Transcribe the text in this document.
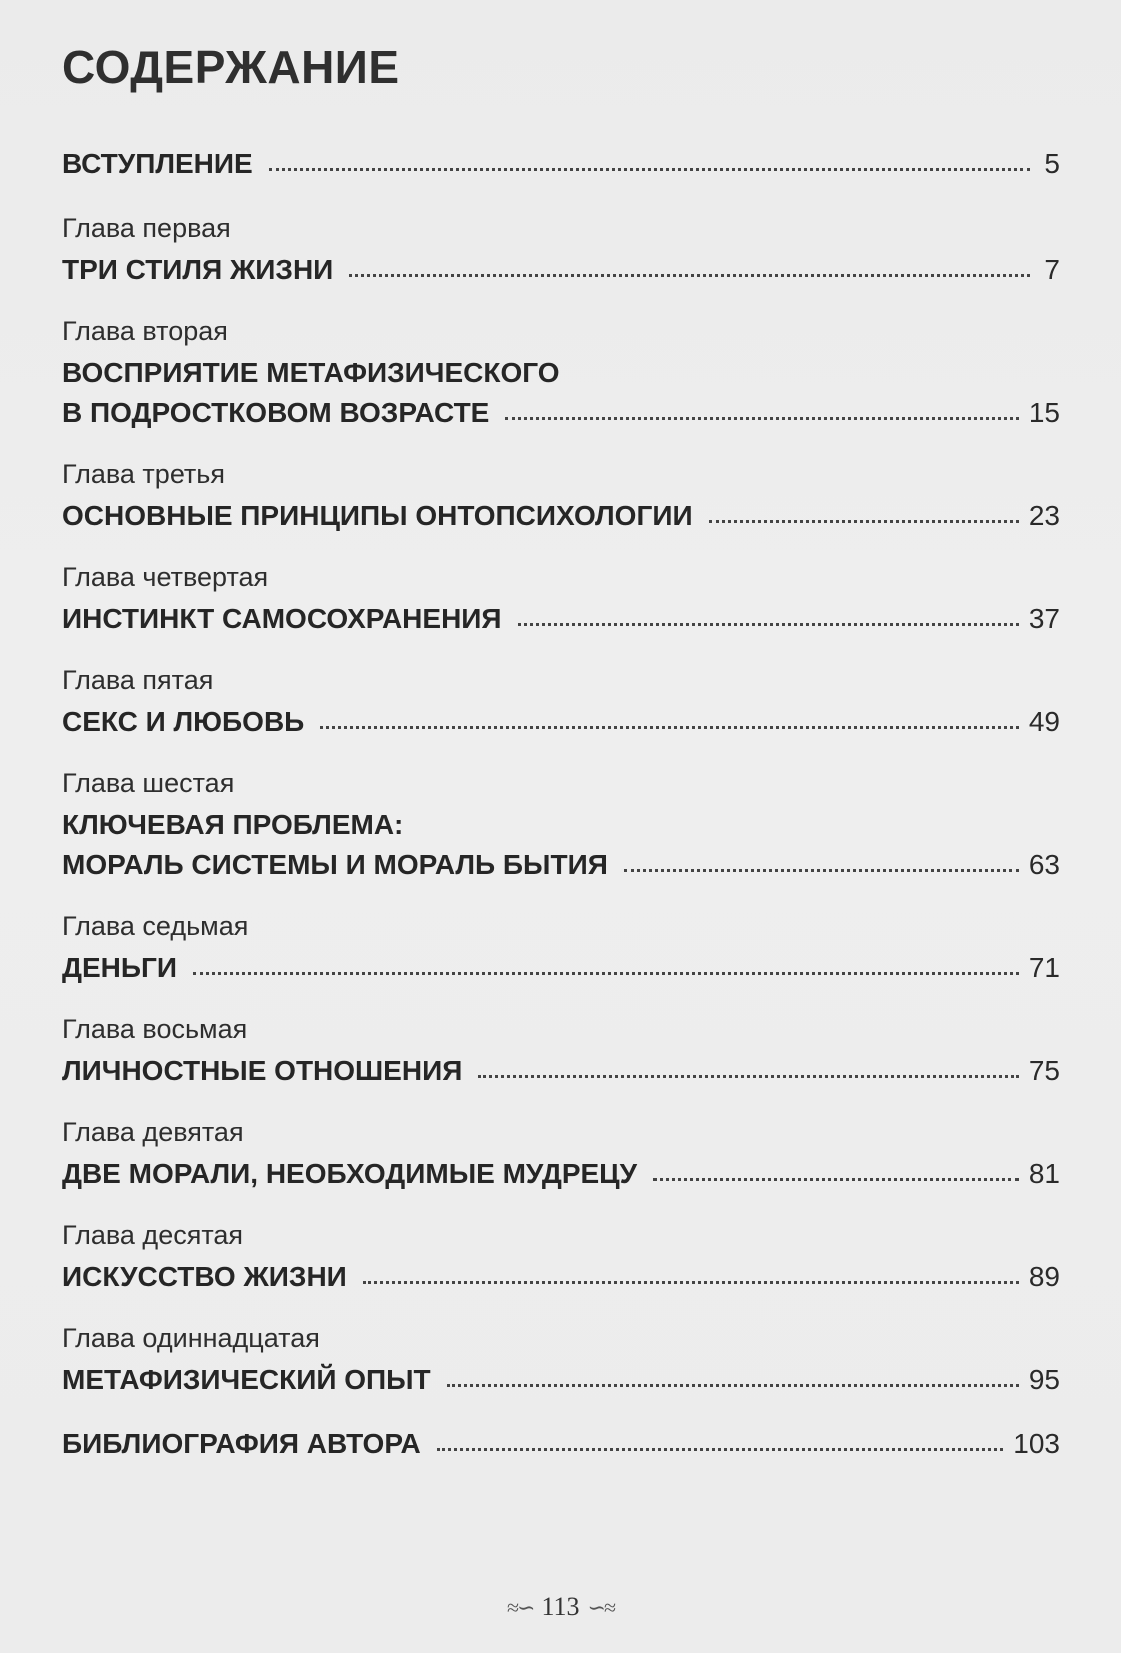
СОДЕРЖАНИЕ
ВСТУПЛЕНИЕ	5
Глава первая
ТРИ СТИЛЯ ЖИЗНИ	7
Глава вторая
ВОСПРИЯТИЕ МЕТАФИЗИЧЕСКОГО
В ПОДРОСТКОВОМ ВОЗРАСТЕ	15
Глава третья
ОСНОВНЫЕ ПРИНЦИПЫ ОНТОПСИХОЛОГИИ	23
Глава четвертая
ИНСТИНКТ САМОСОХРАНЕНИЯ	37
Глава пятая
СЕКС И ЛЮБОВЬ	49
Глава шестая
КЛЮЧЕВАЯ ПРОБЛЕМА:
МОРАЛЬ СИСТЕМЫ И МОРАЛЬ БЫТИЯ	63
Глава седьмая
ДЕНЬГИ	71
Глава восьмая
ЛИЧНОСТНЫЕ ОТНОШЕНИЯ	75
Глава девятая
ДВЕ МОРАЛИ, НЕОБХОДИМЫЕ МУДРЕЦУ	81
Глава десятая
ИСКУССТВО ЖИЗНИ	89
Глава одиннадцатая
МЕТАФИЗИЧЕСКИЙ ОПЫТ	95
БИБЛИОГРАФИЯ АВТОРА	103
≈∽ 113 ∽≈
